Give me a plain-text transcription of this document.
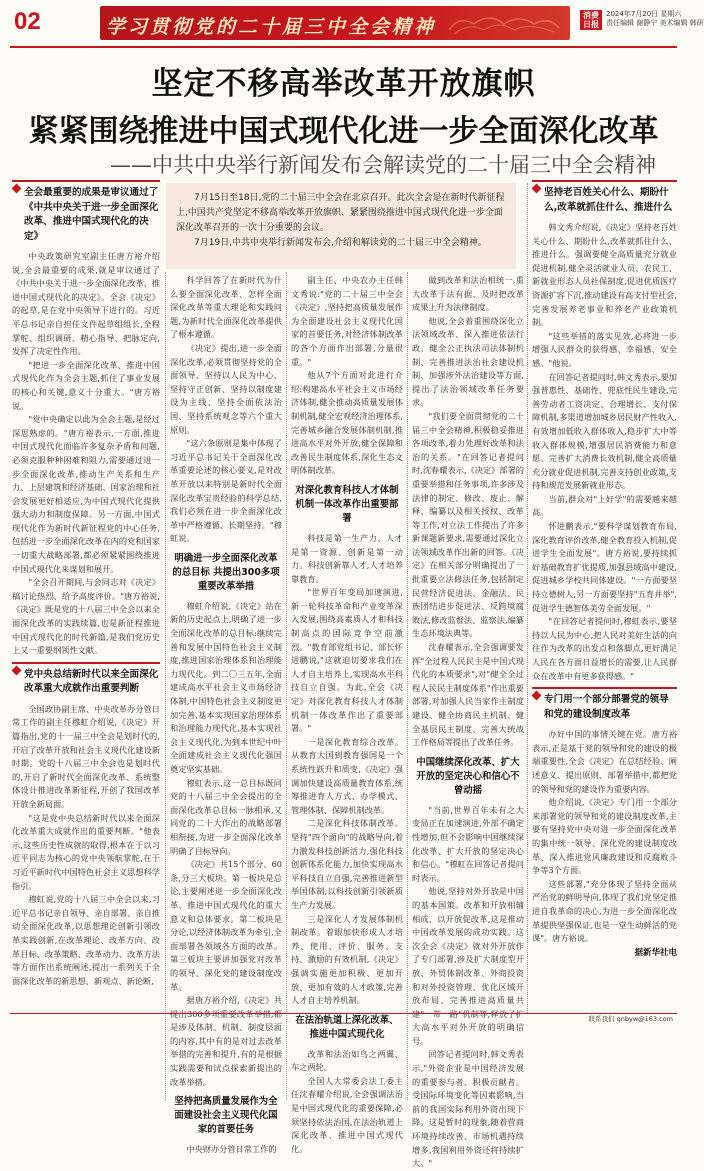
02	学习贯彻党的二十届三中全会精神
消费日报
2024年7月20日 星期六
责任编辑 谢静宁 美术编辑 韩研
坚定不移高举改革开放旗帜
紧紧围绕推进中国式现代化进一步全面深化改革
——中共中央举行新闻发布会解读党的二十届三中全会精神

7月15日至18日,党的二十届三中全会在北京召开。此次全会是在新时代新征程上,中国共产党坚定不移高举改革开放旗帜、紧紧围绕推进中国式现代化进一步全面深化改革召开的一次十分重要的会议。

7月19日,中共中央举行新闻发布会,介绍和解读党的二十届三中全会精神。

全会最重要的成果是审议通过了《中共中央关于进一步全面深化改革、推进中国式现代化的决定》

中央政策研究室副主任唐方裕介绍说,全会最重要的成果,就是审议通过了《中共中央关于进一步全面深化改革、推进中国式现代化的决定》。全会《决定》的起草,是在党中央领导下进行的。习近平总书记亲自担任文件起草组组长,全程掌舵、组织调研、精心指导、把脉定向,发挥了决定性作用。

"把进一步全面深化改革、推进中国式现代化作为全会主题,抓住了事业发展的核心和关键,意义十分重大。"唐方裕说。

"党中央确定以此为全会主题,是经过深思熟虑的。"唐方裕表示,一方面,推进中国式现代化面临许多复杂矛盾和问题,必须克服种种困难和阻力,需要通过进一步全面深化改革,推动生产关系和生产力、上层建筑和经济基础、国家治理和社会发展更好相适应,为中国式现代化提供强大动力和制度保障。另一方面,中国式现代化作为新时代新征程党的中心任务,包括进一步全面深化改革在内的党和国家一切重大战略部署,都必须紧紧围绕推进中国式现代化来谋划和展开。

"全会召开期间,与会同志对《决定》稿讨论热烈、给予高度评价。"唐方裕说,《决定》既是党的十八届三中全会以来全面深化改革的实践续篇,也是新征程推进中国式现代化的时代新篇,是我们党历史上又一重要纲领性文献。

党中央总结新时代以来全面深化改革重大成就作出重要判断

全国政协副主席、中央改革办分管日常工作的副主任穆虹介绍说,《决定》开篇指出,党的十一届三中全会是划时代的,开启了改革开放和社会主义现代化建设新时期。党的十八届三中全会也是划时代的,开启了新时代全面深化改革、系统整体设计推进改革新征程,开创了我国改革开放全新局面。

"这是党中央总结新时代以来全面深化改革重大成就作出的重要判断。"他表示,这些历史性成就的取得,根本在于以习近平同志为核心的党中央领航掌舵,在于习近平新时代中国特色社会主义思想科学指引。

穆虹说,党的十八届三中全会以来,习近平总书记亲自领导、亲自部署、亲自推动全面深化改革,以思想理论创新引领改革实践创新,在改革理论、改革方向、改革目标、改革策略、改革动力、改革方法等方面作出系统阐述,提出一系列关于全面深化改革的新思想、新观点、新论断,

科学回答了在新时代为什么要全面深化改革、怎样全面深化改革等重大理论和实践问题,为新时代全面深化改革提供了根本遵循。

《决定》提出,进一步全面深化改革,必须贯彻坚持党的全面领导、坚持以人民为中心、坚持守正创新、坚持以制度建设为主线、坚持全面依法治国、坚持系统观念等六个重大原则。

"这六条原则是集中体现了习近平总书记关于全面深化改革重要论述的核心要义,是对改革开放以来特别是新时代全面深化改革宝贵经验的科学总结,我们必须在进一步全面深化改革中严格遵循、长期坚持。"穆虹说。

明确进一步全面深化改革的总目标 共提出300多项重要改革举措

穆虹介绍说,《决定》站在新的历史起点上,明确了进一步全面深化改革的总目标:继续完善和发展中国特色社会主义制度,推进国家治理体系和治理能力现代化。到二〇三五年,全面建成高水平社会主义市场经济体制,中国特色社会主义制度更加完善,基本实现国家治理体系和治理能力现代化,基本实现社会主义现代化,为到本世纪中叶全面建成社会主义现代化强国奠定坚实基础。

穆虹表示,这一总目标既同党的十八届三中全会提出的全面深化改革总目标一脉相承,又同党的二十大作出的战略部署相衔接,为进一步全面深化改革明确了目标导向。

《决定》共15个部分、60条,分三大板块。第一板块是总论,主要阐述进一步全面深化改革、推进中国式现代化的重大意义和总体要求。第二板块是分论,以经济体制改革为牵引,全面部署各领域各方面的改革。第三板块主要讲加强党对改革的领导、深化党的建设制度改革。

据唐方裕介绍,《决定》共提出300多项重要改革举措,都是涉及体制、机制、制度层面的内容,其中有的是对过去改革举措的完善和提升,有的是根据实践需要和试点探索新提出的改革举措。

坚持把高质量发展作为全面建设社会主义现代化国家的首要任务

中央财办分管日常工作的

副主任、中央农办主任韩文秀说:"党的二十届三中全会《决定》,坚持把高质量发展作为全面建设社会主义现代化国家的首要任务,对经济体制改革的各个方面作出部署,分量很重。"

他从7个方面对此进行介绍:构建高水平社会主义市场经济体制,健全推动高质量发展体制机制,健全宏观经济治理体系,完善城乡融合发展体制机制,推进高水平对外开放,健全保障和改善民生制度体系,深化生态文明体制改革。

对深化教育科技人才体制机制一体改革作出重要部署

科技是第一生产力、人才是第一资源、创新是第一动力。科技创新靠人才,人才培养靠教育。

"世界百年变局加速演进,新一轮科技革命和产业变革深入发展,围绕高素质人才和科技制高点的国际竞争空前激烈。"教育部党组书记、部长怀进鹏说,"这就迫切要求我们在人才自主培养上,实现高水平科技自立自强。为此,全会《决定》对深化教育科技人才体制机制一体改革作出了重要部署。"

一是深化教育综合改革。从教育大国到教育强国是一个系统性跃升和质变,《决定》强调加快建设高质量教育体系,统筹推进育人方式、办学模式、管理体制、保障机制改革。

二是深化科技体制改革。坚持"四个面向"的战略导向,着力激发科技创新活力,强化科技创新体系化能力,加快实现高水平科技自立自强,完善推进新型举国体制,以科技创新引领新质生产力发展。

三是深化人才发展体制机制改革。着眼加快形成人才培养、使用、评价、服务、支持、激励的有效机制,《决定》强调实施更加积极、更加开放、更加有效的人才政策,完善人才自主培养机制。

在法治轨道上深化改革、推进中国式现代化

改革和法治如鸟之两翼、车之两轮。

全国人大常委会法工委主任沈春耀介绍说,全会强调法治是中国式现代化的重要保障,必须坚持依法治国,在法治轨道上深化改革、推进中国式现代化。

做到改革和法治相统一,重大改革于法有据、及时把改革成果上升为法律制度。

他说,全会着重围绕深化立法领域改革、深入推进依法行政、健全公正执法司法体制机制、完善推进法治社会建设机制、加强涉外法治建设等方面,提出了法治领域改革任务要求。

"我们要全面贯彻党的二十届三中全会精神,积极稳妥推进各项改革,着力处理好改革和法治的关系。"在回答记者提问时,沈春耀表示,《决定》部署的重要举措和任务事项,许多涉及法律的制定、修改、废止、解释、编纂以及相关授权、改革等工作,对立法工作提出了许多新课题新要求,需要通过深化立法领域改革作出新的回答。《决定》在相关部分明确提出了一批重要立法修法任务,包括制定民营经济促进法、金融法、民族团结进步促进法、反跨境腐败法,修改监督法、监察法,编纂生态环境法典等。

沈春耀表示,全会强调要发挥"全过程人民民主是中国式现代化的本质要求",对"健全全过程人民民主制度体系"作出重要部署,对加强人民当家作主制度建设、健全协商民主机制、健全基层民主制度、完善大统战工作格局等提出了改革任务。

中国继续深化改革、扩大开放的坚定决心和信心不曾动摇

"当前,世界百年未有之大变局正在加速演进,外部不确定性增加,但不会影响中国继续深化改革、扩大开放的坚定决心和信心。"穆虹在回答记者提问时表示。

他说,坚持对外开放是中国的基本国策。改革和开放相辅相成、以开放促改革,这是推动中国改革发展的成功实践。这次全会《决定》就对外开放作了专门部署,涉及扩大制度型开放、外贸体制改革、外商投资和对外投资管理、优化区域开放布局、完善推进高质量共建"一带一路"机制等,释放了扩大高水平对外开放的明确信号。

回答记者提问时,韩文秀表示,"外资企业是中国经济发展的重要参与者、积极贡献者。受国际环境变化等因素影响,当前的我国实际利用外资出现下降。这是暂时的现象,随着营商环境持续改善、市场机遇持续增多,我国利用外资还将持续扩大。"

坚持老百姓关心什么、期盼什么,改革就抓住什么、推进什么

韩文秀介绍说,《决定》坚持老百姓关心什么、期盼什么,改革就抓住什么、推进什么。强调要健全高质量充分就业促进机制,健全灵活就业人员、农民工、新就业形态人员社保制度,促进优质医疗资源扩容下沉,推动建设有高支付型社会,完善发展养老事业和养老产业政策机制。

"这些举措的落实见效,必将进一步增强人民群众的获得感、幸福感、安全感。"他说。

在回答记者提问时,韩文秀表示,要加强普惠性、基础性、兜底性民生建设,完善劳动者工资决定、合理增长、支付保障机制,多渠道增加城乡居民财产性收入,有效增加低收入群体收入,稳步扩大中等收入群体规模,增强居民消费能力和意愿。完善扩大消费长效机制,健全高质量充分就业促进机制,完善支持创业政策,支持和规范发展新就业形态。

当前,群众对"上好学"的需要越来越高。

怀进鹏表示,"要科学谋划教育布局,深化教育评价改革,健全教育投入机制,促进学生全面发展"。唐方裕说,要持续抓好基础教育扩优提质,加强县域高中建设,促进城乡学校共同体建设。"一方面要坚持立德树人,另一方面要坚持"五育并举",促进学生德智体美劳全面发展。"

"在回答记者提问时,穆虹表示,要坚持以人民为中心,把人民对美好生活的向往作为改革的出发点和落脚点,更好满足人民在各方面日益增长的需要,让人民群众在改革中有更多获得感。"

专门用一个部分部署党的领导和党的建设制度改革

办好中国的事情关键在党。唐方裕表示,正是基于党的领导和党的建设的极端重要性,全会《决定》在总结经验、阐述意义、提出原则、部署举措中,都把党的领导和党的建设作为重要内容。

他介绍说,《决定》专门用一个部分来部署党的领导和党的建设制度改革,主要有坚持党中央对进一步全面深化改革的集中统一领导、深化党的建设制度改革、深入推进党风廉政建设和反腐败斗争等3个方面。

这些部署,"充分体现了坚持全面从严治党的鲜明导向,体现了我们党坚定推进自我革命的决心,为进一步全面深化改革提供坚强保证,也是一堂生动鲜活的党课"。唐方裕说。

据新华社电
联系我们 qnbyw@163.com
